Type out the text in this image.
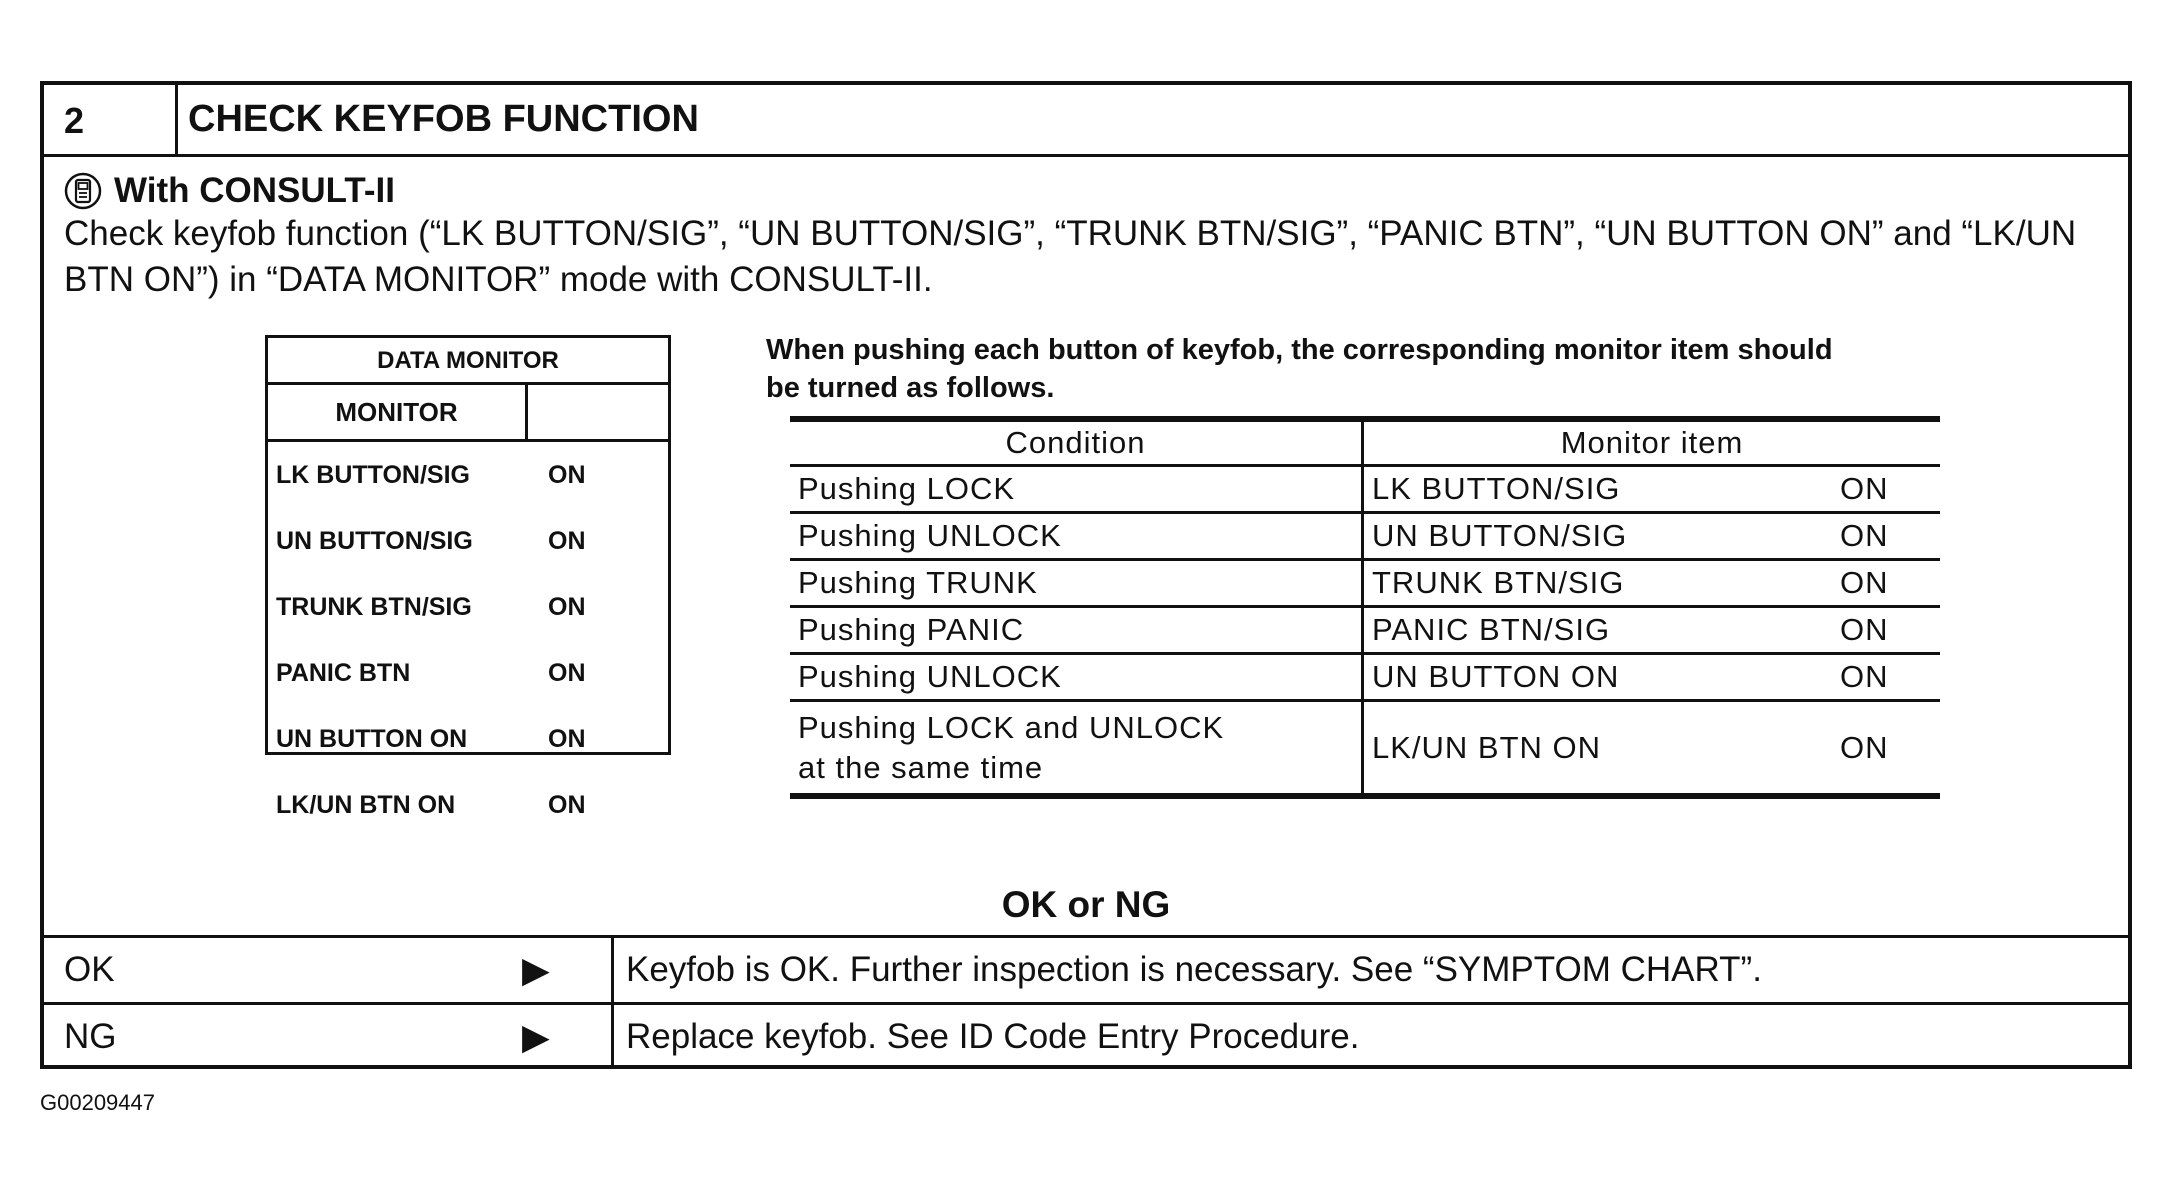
2	CHECK KEYFOB FUNCTION
With CONSULT-II
Check keyfob function (“LK BUTTON/SIG”, “UN BUTTON/SIG”, “TRUNK BTN/SIG”, “PANIC BTN”, “UN BUTTON ON” and “LK/UN BTN ON”) in “DATA MONITOR” mode with CONSULT-II.
DATA MONITOR
MONITOR
LK BUTTON/SIG	ON
UN BUTTON/SIG	ON
TRUNK BTN/SIG	ON
PANIC BTN	ON
UN BUTTON ON	ON
LK/UN BTN ON	ON
When pushing each button of keyfob, the corresponding monitor item should be turned as follows.
Condition	Monitor item
Pushing LOCK	LK BUTTON/SIG	ON
Pushing UNLOCK	UN BUTTON/SIG	ON
Pushing TRUNK	TRUNK BTN/SIG	ON
Pushing PANIC	PANIC BTN/SIG	ON
Pushing UNLOCK	UN BUTTON ON	ON
Pushing LOCK and UNLOCK
at the same time
LK/UN BTN ON	ON
OK or NG
OK	▶ Keyfob is OK. Further inspection is necessary. See “SYMPTOM CHART”.
NG	▶ Replace keyfob. See ID Code Entry Procedure.
G00209447
